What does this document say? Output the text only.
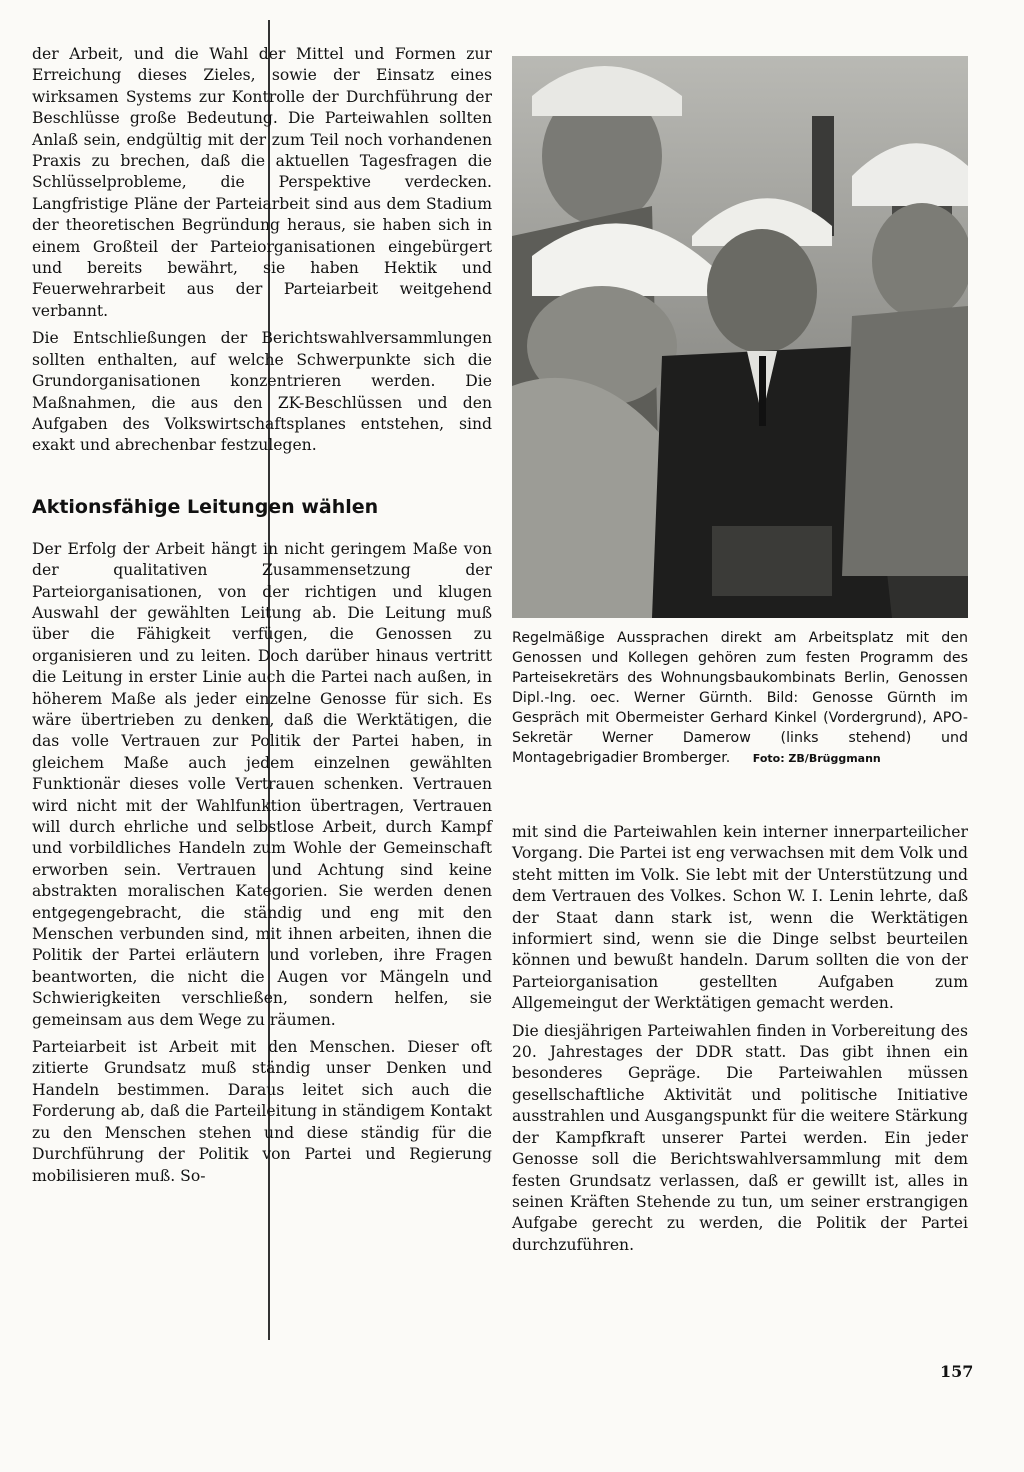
der Arbeit, und die Wahl der Mittel und Formen zur Erreichung dieses Zieles, sowie der Einsatz eines wirksamen Systems zur Kontrolle der Durchführung der Beschlüsse große Bedeutung. Die Parteiwahlen sollten Anlaß sein, endgültig mit der zum Teil noch vorhandenen Praxis zu brechen, daß die aktuellen Tagesfragen die Schlüsselprobleme, die Perspektive verdecken. Langfristige Pläne der Parteiarbeit sind aus dem Stadium der theoretischen Begründung heraus, sie haben sich in einem Großteil der Parteiorganisationen eingebürgert und bereits bewährt, sie haben Hektik und Feuerwehrarbeit aus der Parteiarbeit weitgehend verbannt.

Die Entschließungen der Berichtswahlversammlungen sollten enthalten, auf welche Schwerpunkte sich die Grundorganisationen konzentrieren werden. Die Maßnahmen, die aus den ZK-Beschlüssen und den Aufgaben des Volkswirtschaftsplanes entstehen, sind exakt und abrechenbar festzulegen.

Aktionsfähige Leitungen wählen

Der Erfolg der Arbeit hängt in nicht geringem Maße von der qualitativen Zusammensetzung der Parteiorganisationen, von der richtigen und klugen Auswahl der gewählten Leitung ab. Die Leitung muß über die Fähigkeit verfügen, die Genossen zu organisieren und zu leiten. Doch darüber hinaus vertritt die Leitung in erster Linie auch die Partei nach außen, in höherem Maße als jeder einzelne Genosse für sich. Es wäre übertrieben zu denken, daß die Werktätigen, die das volle Vertrauen zur Politik der Partei haben, in gleichem Maße auch jedem einzelnen gewählten Funktionär dieses volle Vertrauen schenken. Vertrauen wird nicht mit der Wahlfunktion übertragen, Vertrauen will durch ehrliche und selbstlose Arbeit, durch Kampf und vorbildliches Handeln zum Wohle der Gemeinschaft erworben sein. Vertrauen und Achtung sind keine abstrakten moralischen Kategorien. Sie werden denen entgegengebracht, die ständig und eng mit den Menschen verbunden sind, mit ihnen arbeiten, ihnen die Politik der Partei erläutern und vorleben, ihre Fragen beantworten, die nicht die Augen vor Mängeln und Schwierigkeiten verschließen, sondern helfen, sie gemeinsam aus dem Wege zu räumen.

Parteiarbeit ist Arbeit mit den Menschen. Dieser oft zitierte Grundsatz muß ständig unser Denken und Handeln bestimmen. Daraus leitet sich auch die Forderung ab, daß die Parteileitung in ständigem Kontakt zu den Menschen stehen und diese ständig für die Durchführung der Politik von Partei und Regierung mobilisieren muß. So-

Regelmäßige Aussprachen direkt am Arbeitsplatz mit den Genossen und Kollegen gehören zum festen Programm des Parteisekretärs des Wohnungsbaukombinats Berlin, Genossen Dipl.-Ing. oec. Werner Gürnth. Bild: Genosse Gürnth im Gespräch mit Obermeister Gerhard Kinkel (Vordergrund), APO-Sekretär Werner Damerow (links stehend) und Montagebrigadier Bromberger. Foto: ZB/Brüggmann

mit sind die Parteiwahlen kein interner innerparteilicher Vorgang. Die Partei ist eng verwachsen mit dem Volk und steht mitten im Volk. Sie lebt mit der Unterstützung und dem Vertrauen des Volkes. Schon W. I. Lenin lehrte, daß der Staat dann stark ist, wenn die Werktätigen informiert sind, wenn sie die Dinge selbst beurteilen können und bewußt handeln. Darum sollten die von der Parteiorganisation gestellten Aufgaben zum Allgemeingut der Werktätigen gemacht werden.

Die diesjährigen Parteiwahlen finden in Vorbereitung des 20. Jahrestages der DDR statt. Das gibt ihnen ein besonderes Gepräge. Die Parteiwahlen müssen gesellschaftliche Aktivität und politische Initiative ausstrahlen und Ausgangspunkt für die weitere Stärkung der Kampfkraft unserer Partei werden. Ein jeder Genosse soll die Berichtswahlversammlung mit dem festen Grundsatz verlassen, daß er gewillt ist, alles in seinen Kräften Stehende zu tun, um seiner erstrangigen Aufgabe gerecht zu werden, die Politik der Partei durchzuführen.

157
